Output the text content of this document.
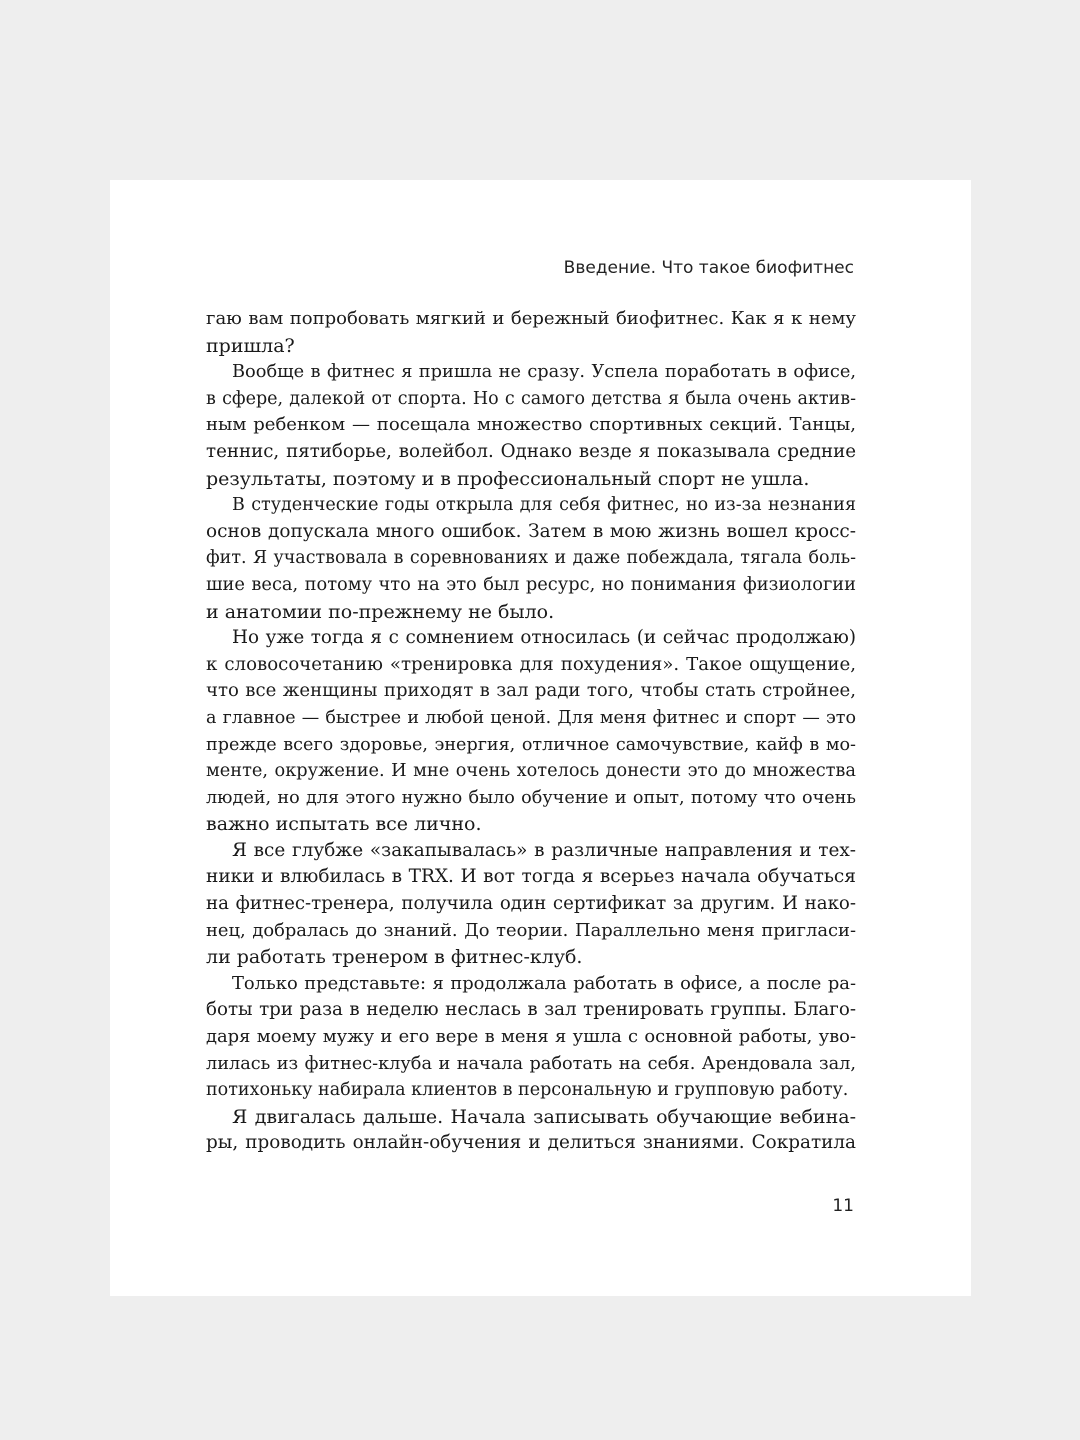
Введение. Что такое биофитнес
гаю вам попробовать мягкий и бережный биофитнес. Как я к нему
пришла?
Вообще в фитнес я пришла не сразу. Успела поработать в офисе,
в сфере, далекой от спорта. Но с самого детства я была очень актив-
ным ребенком — посещала множество спортивных секций. Танцы,
теннис, пятиборье, волейбол. Однако везде я показывала средние
результаты, поэтому и в профессиональный спорт не ушла.
В студенческие годы открыла для себя фитнес, но из-за незнания
основ допускала много ошибок. Затем в мою жизнь вошел кросс-
фит. Я участвовала в соревнованиях и даже побеждала, тягала боль-
шие веса, потому что на это был ресурс, но понимания физиологии
и анатомии по-прежнему не было.
Но уже тогда я с сомнением относилась (и сейчас продолжаю)
к словосочетанию «тренировка для похудения». Такое ощущение,
что все женщины приходят в зал ради того, чтобы стать стройнее,
а главное — быстрее и любой ценой. Для меня фитнес и спорт — это
прежде всего здоровье, энергия, отличное самочувствие, кайф в мо-
менте, окружение. И мне очень хотелось донести это до множества
людей, но для этого нужно было обучение и опыт, потому что очень
важно испытать все лично.
Я все глубже «закапывалась» в различные направления и тех-
ники и влюбилась в TRX. И вот тогда я всерьез начала обучаться
на фитнес-тренера, получила один сертификат за другим. И нако-
нец, добралась до знаний. До теории. Параллельно меня пригласи-
ли работать тренером в фитнес-клуб.
Только представьте: я продолжала работать в офисе, а после ра-
боты три раза в неделю неслась в зал тренировать группы. Благо-
даря моему мужу и его вере в меня я ушла с основной работы, уво-
лилась из фитнес-клуба и начала работать на себя. Арендовала зал,
потихоньку набирала клиентов в персональную и групповую работу.
Я двигалась дальше. Начала записывать обучающие вебина-
ры, проводить онлайн-обучения и делиться знаниями. Сократила
11
